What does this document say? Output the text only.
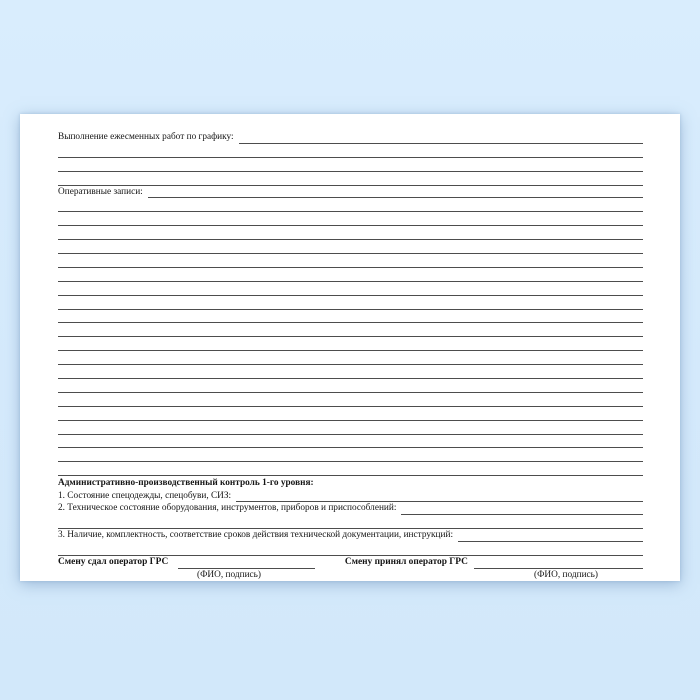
Выполнение ежесменных работ по графику:
Оперативные записи:
Административно-производственный контроль 1-го уровня:
1. Состояние спецодежды, спецобуви, СИЗ:
2. Техническое состояние оборудования, инструментов, приборов и приспособлений:
3. Наличие, комплектность, соответствие сроков действия технической документации, инструкций:
Смену сдал оператор ГРС	Смену принял оператор ГРС
(ФИО, подпись)	(ФИО, подпись)
